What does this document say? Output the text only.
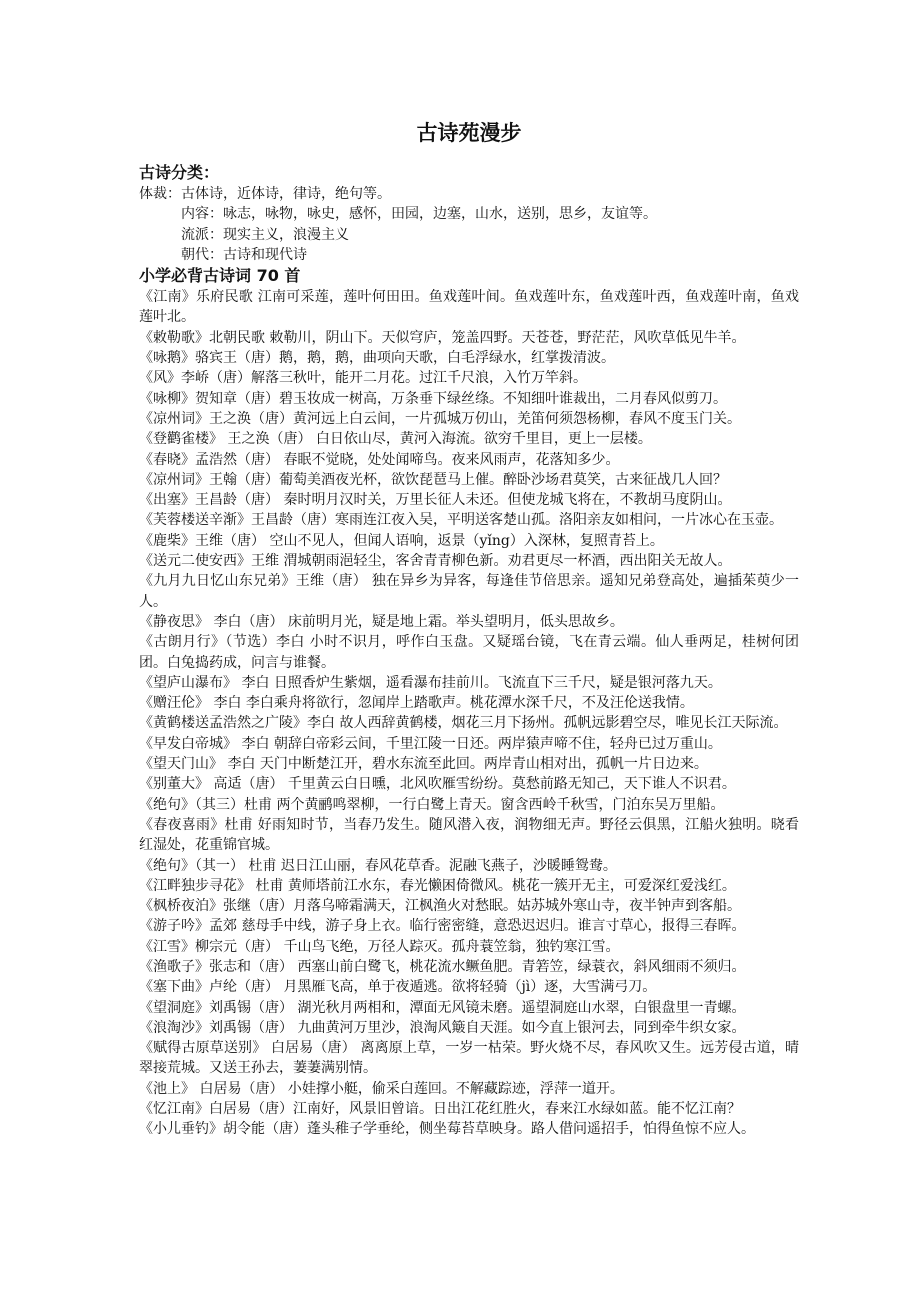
古诗苑漫步
古诗分类：
体裁：古体诗，近体诗，律诗，绝句等。
内容：咏志，咏物，咏史，感怀，田园，边塞，山水，送别，思乡，友谊等。
流派：现实主义，浪漫主义
朝代：古诗和现代诗
小学必背古诗词 70 首

《江南》乐府民歌 江南可采莲，莲叶何田田。鱼戏莲叶间。鱼戏莲叶东，鱼戏莲叶西，鱼戏莲叶南，鱼戏莲叶北。

《敕勒歌》北朝民歌 敕勒川，阴山下。天似穹庐，笼盖四野。天苍苍，野茫茫，风吹草低见牛羊。

《咏鹅》骆宾王（唐）鹅，鹅，鹅，曲项向天歌，白毛浮绿水，红掌拨清波。

《风》李峤（唐）解落三秋叶，能开二月花。过江千尺浪，入竹万竿斜。

《咏柳》贺知章（唐）碧玉妆成一树高，万条垂下绿丝绦。不知细叶谁裁出，二月春风似剪刀。

《凉州词》王之涣（唐）黄河远上白云间，一片孤城万仞山，羌笛何须怨杨柳，春风不度玉门关。

《登鹳雀楼》 王之涣（唐） 白日依山尽，黄河入海流。欲穷千里目，更上一层楼。

《春晓》孟浩然（唐） 春眠不觉晓，处处闻啼鸟。夜来风雨声，花落知多少。

《凉州词》王翰（唐）葡萄美酒夜光杯，欲饮琵琶马上催。醉卧沙场君莫笑，古来征战几人回？

《出塞》王昌龄（唐） 秦时明月汉时关，万里长征人未还。但使龙城飞将在，不教胡马度阴山。

《芙蓉楼送辛渐》王昌龄（唐）寒雨连江夜入吴，平明送客楚山孤。洛阳亲友如相问，一片冰心在玉壶。

《鹿柴》王维（唐） 空山不见人，但闻人语响，返景（yǐng）入深林，复照青苔上。

《送元二使安西》王维 渭城朝雨浥轻尘，客舍青青柳色新。劝君更尽一杯酒，西出阳关无故人。

《九月九日忆山东兄弟》王维（唐） 独在异乡为异客，每逢佳节倍思亲。遥知兄弟登高处，遍插茱萸少一人。

《静夜思》 李白（唐） 床前明月光，疑是地上霜。举头望明月，低头思故乡。

《古朗月行》（节选）李白 小时不识月，呼作白玉盘。又疑瑶台镜，飞在青云端。仙人垂两足，桂树何团团。白兔捣药成，问言与谁餐。

《望庐山瀑布》 李白 日照香炉生紫烟，遥看瀑布挂前川。飞流直下三千尺，疑是银河落九天。

《赠汪伦》 李白 李白乘舟将欲行，忽闻岸上踏歌声。桃花潭水深千尺，不及汪伦送我情。

《黄鹤楼送孟浩然之广陵》李白 故人西辞黄鹤楼，烟花三月下扬州。孤帆远影碧空尽，唯见长江天际流。

《早发白帝城》 李白 朝辞白帝彩云间，千里江陵一日还。两岸猿声啼不住，轻舟已过万重山。

《望天门山》 李白 天门中断楚江开，碧水东流至此回。两岸青山相对出，孤帆一片日边来。

《别董大》 高适（唐） 千里黄云白日曛，北风吹雁雪纷纷。莫愁前路无知己，天下谁人不识君。

《绝句》（其三）杜甫 两个黄鹂鸣翠柳，一行白鹭上青天。窗含西岭千秋雪，门泊东吴万里船。

《春夜喜雨》杜甫 好雨知时节，当春乃发生。随风潜入夜，润物细无声。野径云俱黑，江船火独明。晓看红湿处，花重锦官城。

《绝句》（其一） 杜甫 迟日江山丽，春风花草香。泥融飞燕子，沙暖睡鸳鸯。

《江畔独步寻花》 杜甫 黄师塔前江水东，春光懒困倚微风。桃花一簇开无主，可爱深红爱浅红。

《枫桥夜泊》张继（唐）月落乌啼霜满天，江枫渔火对愁眠。姑苏城外寒山寺，夜半钟声到客船。

《游子吟》孟郊 慈母手中线，游子身上衣。临行密密缝，意恐迟迟归。谁言寸草心，报得三春晖。

《江雪》柳宗元（唐） 千山鸟飞绝，万径人踪灭。孤舟蓑笠翁，独钓寒江雪。

《渔歌子》张志和（唐） 西塞山前白鹭飞，桃花流水鳜鱼肥。青箬笠，绿蓑衣，斜风细雨不须归。

《塞下曲》卢纶（唐） 月黑雁飞高，单于夜遁逃。欲将轻骑（jì）逐，大雪满弓刀。

《望洞庭》刘禹锡（唐） 湖光秋月两相和，潭面无风镜未磨。遥望洞庭山水翠，白银盘里一青螺。

《浪淘沙》刘禹锡（唐） 九曲黄河万里沙，浪淘风簸自天涯。如今直上银河去，同到牵牛织女家。

《赋得古原草送别》 白居易（唐） 离离原上草，一岁一枯荣。野火烧不尽，春风吹又生。远芳侵古道，晴翠接荒城。又送王孙去，萋萋满别情。

《池上》 白居易（唐） 小娃撑小艇，偷采白莲回。不解藏踪迹，浮萍一道开。

《忆江南》白居易（唐）江南好，风景旧曾谙。日出江花红胜火，春来江水绿如蓝。能不忆江南？

《小儿垂钓》胡令能（唐）蓬头稚子学垂纶，侧坐莓苔草映身。路人借问遥招手，怕得鱼惊不应人。
